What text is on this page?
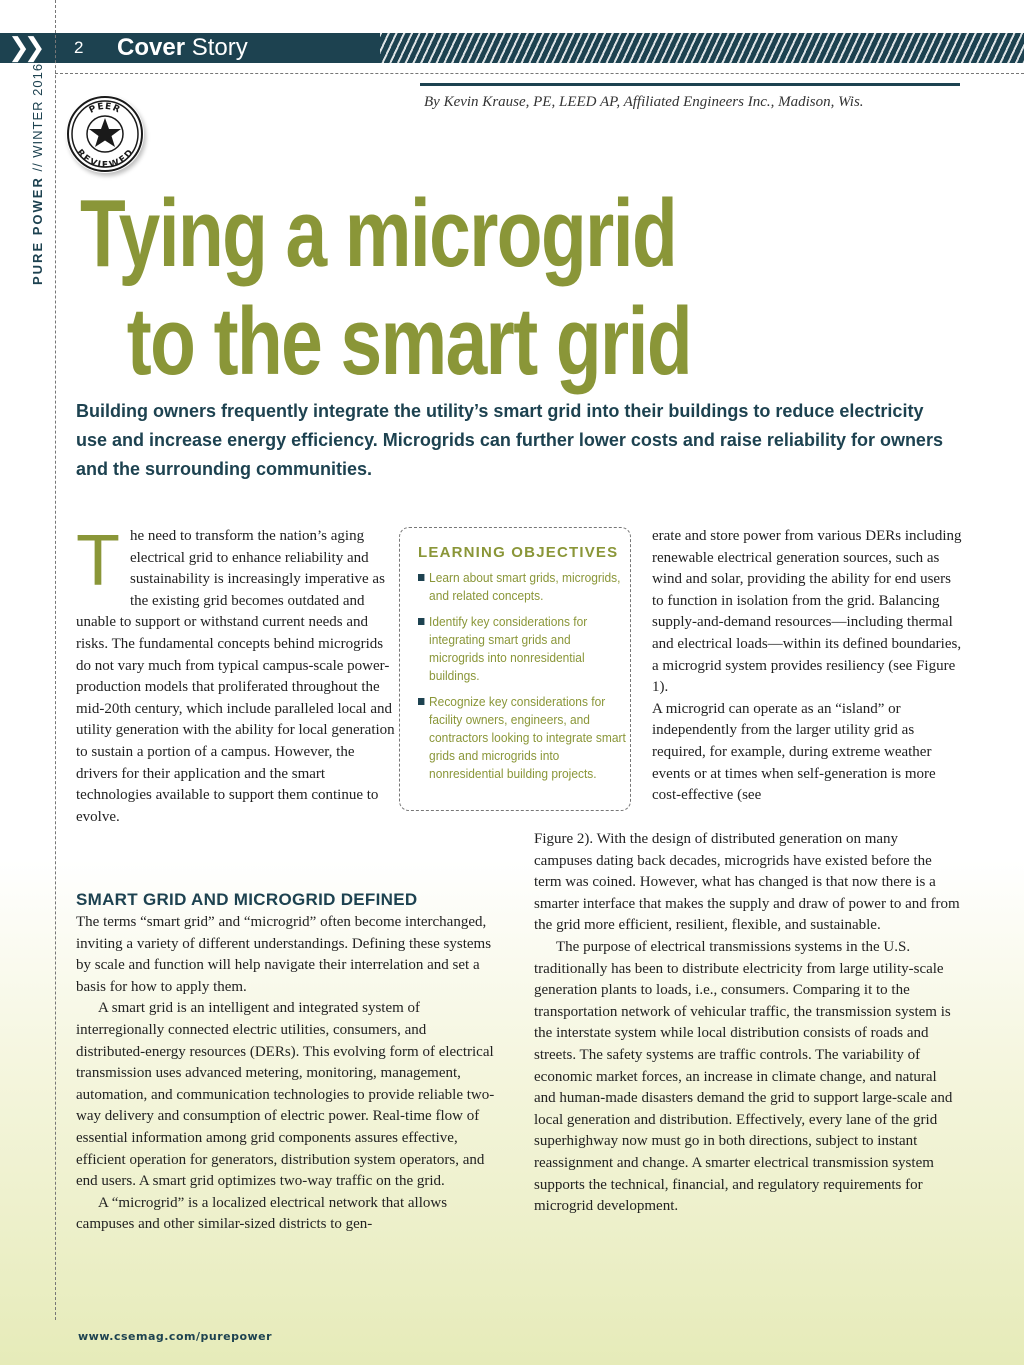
❯❯ 2 Cover Story
PURE POWER // WINTER 2016	PEER
REVIEWED
By Kevin Krause, PE, LEED AP, Affiliated Engineers Inc., Madison, Wis.
Tying a microgrid
to the smart grid
Building owners frequently integrate the utility’s smart grid into their buildings to reduce electricity use and increase energy efficiency. Microgrids can further lower costs and raise reliability for owners and the surrounding communities.

The need to transform the nation’s aging electrical grid to enhance reliability and sustainability is increasingly imperative as the existing grid becomes outdated and unable to support or withstand current needs and risks. The fundamental concepts behind microgrids do not vary much from typical campus-scale power-production models that proliferated throughout the mid-20th century, which include paralleled local and utility generation with the ability for local generation to sustain a portion of a campus. However, the drivers for their application and the smart technologies available to support them continue to evolve.

LEARNING OBJECTIVES
Learn about smart grids, microgrids, and related concepts.
Identify key considerations for integrating smart grids and microgrids into nonresidential buildings.
Recognize key considerations for facility owners, engineers, and contractors looking to integrate smart grids and microgrids into nonresidential building projects.
SMART GRID AND MICROGRID DEFINED

The terms “smart grid” and “microgrid” often become interchanged, inviting a variety of different understandings. Defining these systems by scale and function will help navigate their interrelation and set a basis for how to apply them.

A smart grid is an intelligent and integrated system of interregionally connected electric utilities, consumers, and distributed-energy resources (DERs). This evolving form of electrical transmission uses advanced metering, monitoring, management, automation, and communication technologies to provide reliable two-way delivery and consumption of electric power. Real-time flow of essential information among grid components assures effective, efficient operation for generators, distribution system operators, and end users. A smart grid optimizes two-way traffic on the grid.

A “microgrid” is a localized electrical network that allows campuses and other similar-sized districts to gen-

erate and store power from various DERs including renewable electrical generation sources, such as wind and solar, providing the ability for end users to function in isolation from the grid. Balancing supply-and-demand resources—including thermal and electrical loads—within its defined boundaries, a microgrid system provides resiliency (see Figure 1).

A microgrid can operate as an “island” or independently from the larger utility grid as required, for example, during extreme weather events or at times when self-generation is more cost-effective (see

Figure 2). With the design of distributed generation on many campuses dating back decades, microgrids have existed before the term was coined. However, what has changed is that now there is a smarter interface that makes the supply and draw of power to and from the grid more efficient, resilient, flexible, and sustainable.

The purpose of electrical transmissions systems in the U.S. traditionally has been to distribute electricity from large utility-scale generation plants to loads, i.e., consumers. Comparing it to the transportation network of vehicular traffic, the transmission system is the interstate system while local distribution consists of roads and streets. The safety systems are traffic controls. The variability of economic market forces, an increase in climate change, and natural and human-made disasters demand the grid to support large-scale and local generation and distribution. Effectively, every lane of the grid superhighway now must go in both directions, subject to instant reassignment and change. A smarter electrical transmission system supports the technical, financial, and regulatory requirements for microgrid development.

www.csemag.com/purepower
